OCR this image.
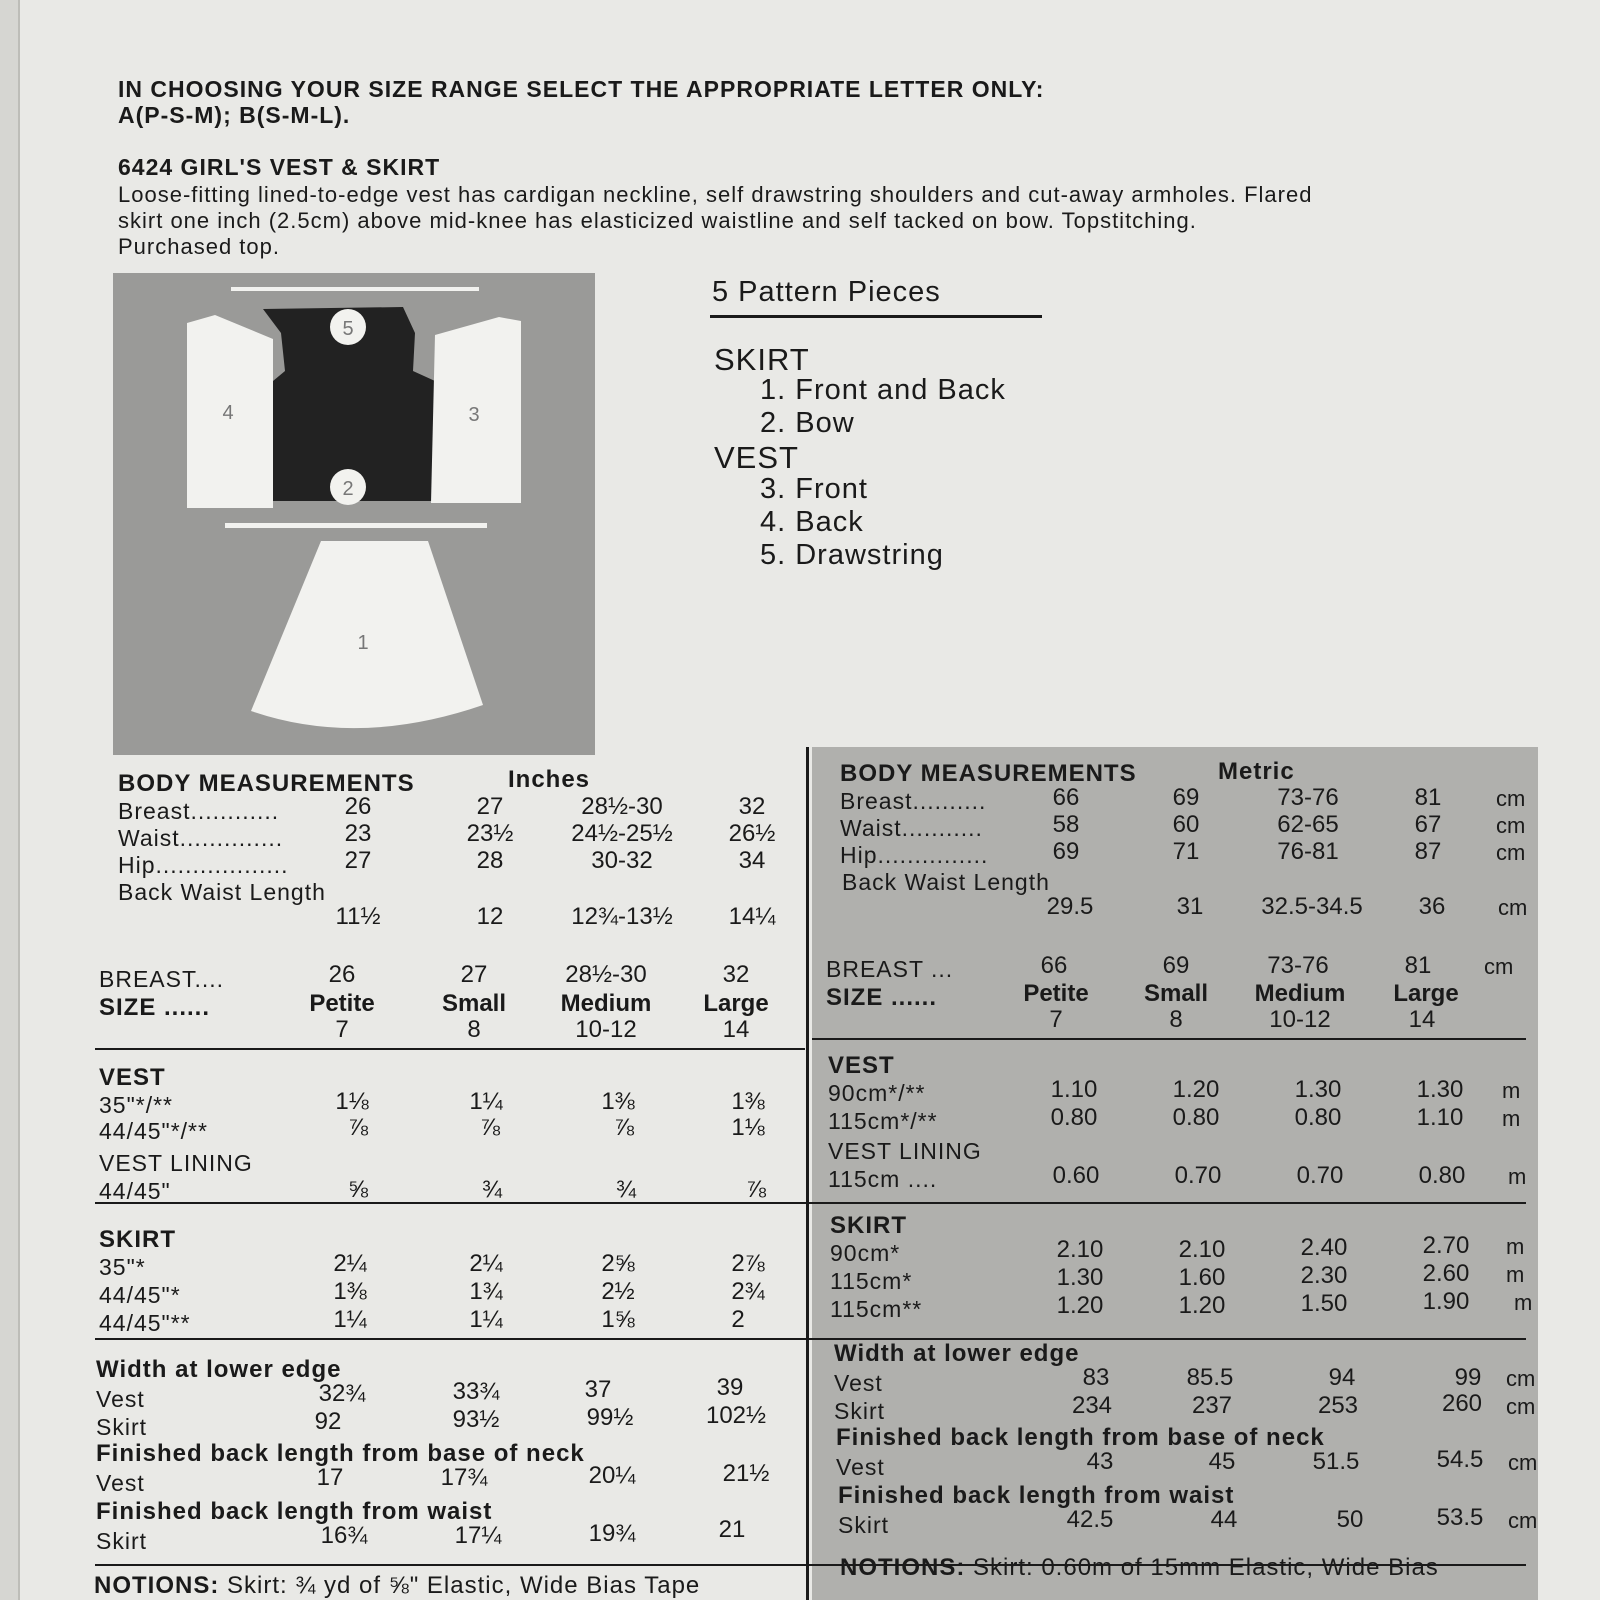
IN CHOOSING YOUR SIZE RANGE SELECT THE APPROPRIATE LETTER ONLY:
A(P-S-M); B(S-M-L).
6424 GIRL'S VEST & SKIRT
Loose-fitting lined-to-edge vest has cardigan neckline, self drawstring shoulders and cut-away armholes. Flared
skirt one inch (2.5cm) above mid-knee has elasticized waistline and self tacked on bow. Topstitching.
Purchased top.
5
4	3
2
1
5 Pattern Pieces
SKIRT
1. Front and Back
2. Bow
VEST
3. Front
4. Back
5. Drawstring
BODY MEASUREMENTS	Inches
Breast............	26	27	28½-30	32
Waist..............	23	23½ 24½-25½ 26½
Hip.................. 27	28	30-32	34
Back Waist Length
11½	12	12¾-13½ 14¼
BREAST....	26	27	28½-30	32
SIZE ......	Petite	Small Medium Large
7	8	10-12	14
VEST
35"*/**	1⅛	1¼	1⅜	1⅜
44/45"*/**	⅞	⅞	⅞	1⅛
VEST LINING
44/45"	⅝	¾	¾	⅞
SKIRT
35"*	2¼	2¼	2⅝	2⅞
44/45"*	1⅜	1¾	2½	2¾
44/45"**	1¼	1¼	1⅝	2
Width at lower edge
Vest	32¾	33¾	37	39
Skirt	92	93½	99½	102½
Finished back length from base of neck
Vest	17	17¾	20¼	21½
Finished back length from waist
Skirt	16¾	17¼	19¾	21
NOTIONS: Skirt: ¾ yd of ⅝" Elastic, Wide Bias Tape
BODY MEASUREMENTS	Metric
Breast..........	66	69	73-76	81 cm
Waist...........	58	60	62-65	67 cm
Hip...............	69	71	76-81	87 cm
Back Waist Length
29.5	31 32.5-34.5 36 cm
BREAST ...	66	69	73-76	81 cm
SIZE ......	Petite Small Medium Large
7	8	10-12	14
VEST
90cm*/**	1.10	1.20	1.30	1.30 m
115cm*/**	0.80	0.80	0.80	1.10 m
VEST LINING
115cm ....	0.60	0.70	0.70	0.80 m
SKIRT
90cm*	2.10	2.10	2.40	2.70 m
115cm*	1.30	1.60	2.30	2.60 m
115cm**	1.20	1.20	1.50	1.90 m
Width at lower edge
Vest	83	85.5	94	99 cm
Skirt	234	237	253	260 cm
Finished back length from base of neck
Vest	43	45	51.5	54.5 cm
Finished back length from waist
Skirt	42.5	44	50	53.5 cm
NOTIONS: Skirt: 0.60m of 15mm Elastic, Wide Bias
